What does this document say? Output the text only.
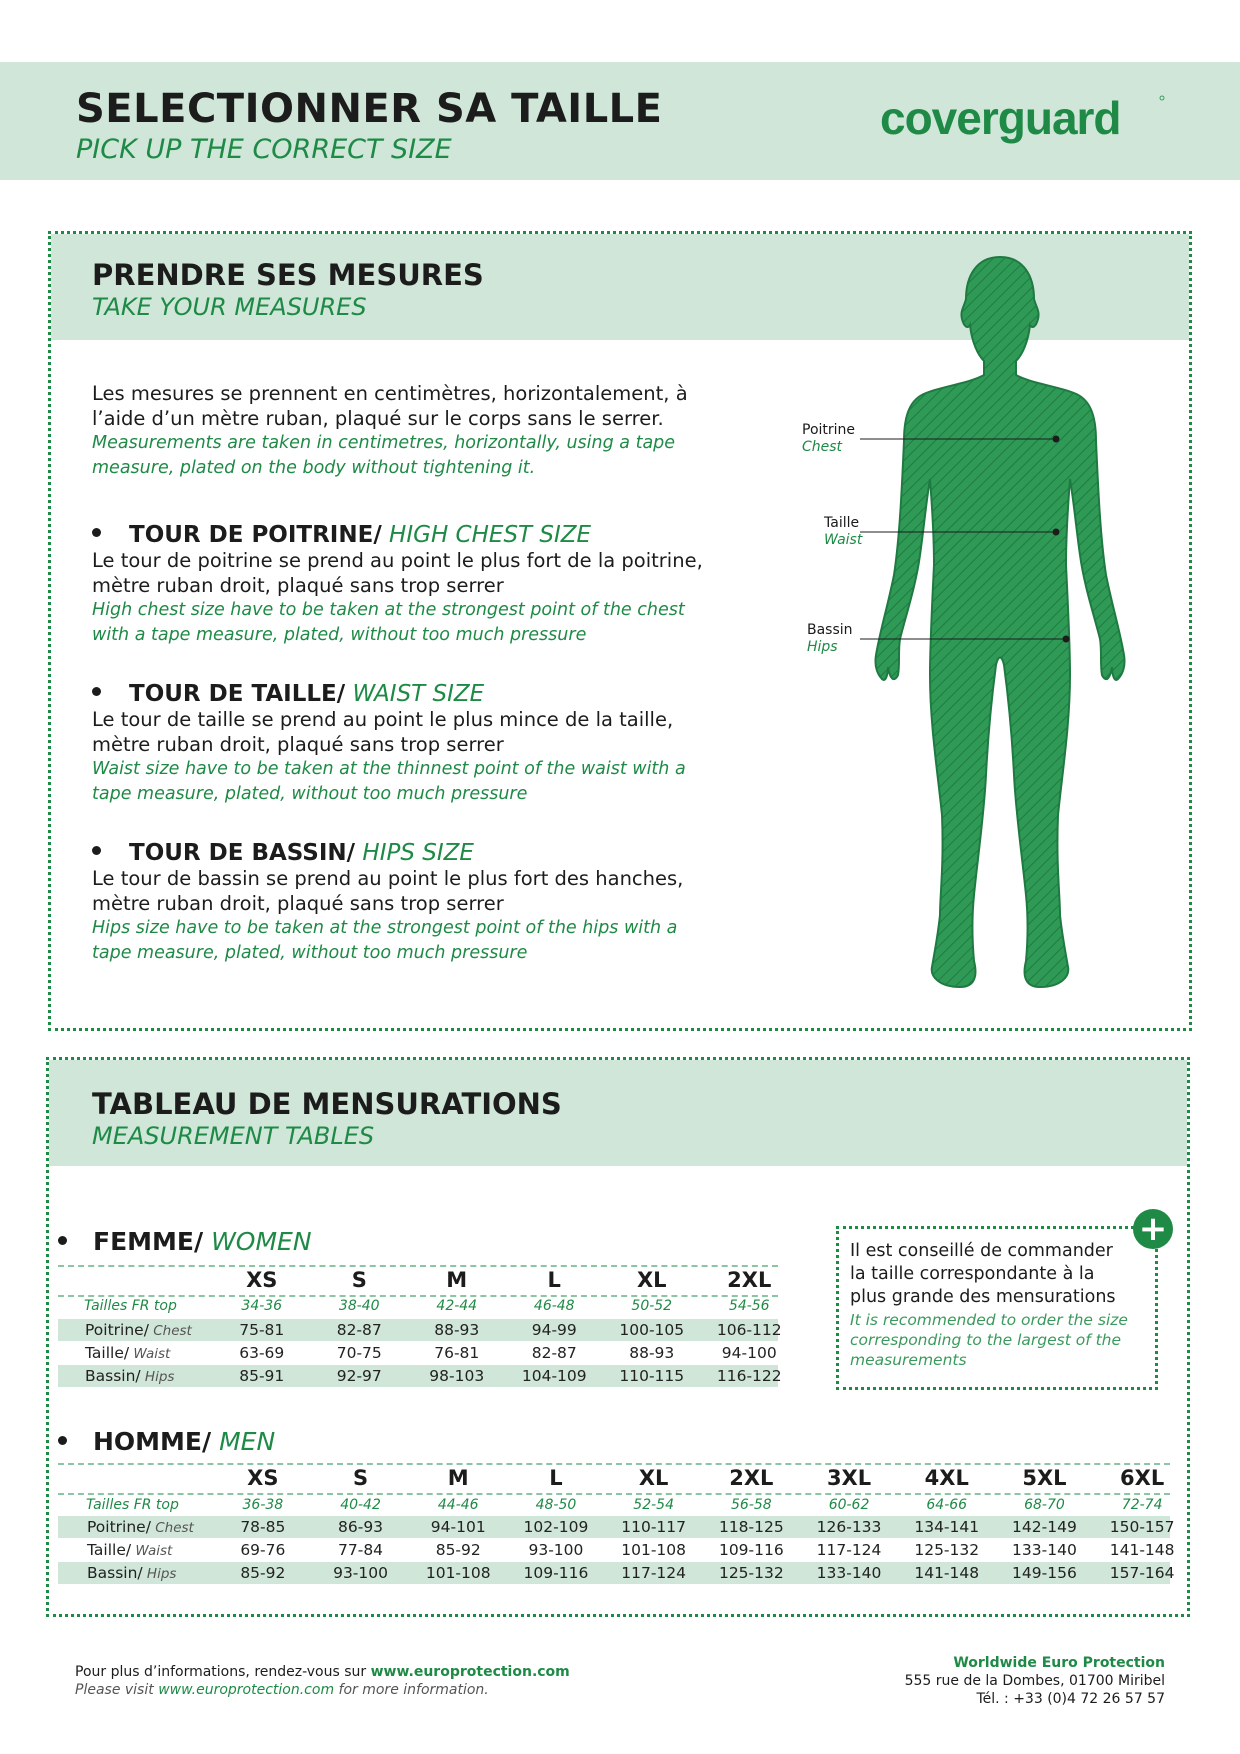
SELECTIONNER SA TAILLE
PICK UP THE CORRECT SIZE
coverguard
PRENDRE SES MESURES
TAKE YOUR MEASURES
Les mesures se prennent en centimètres, horizontalement, à
l’aide d’un mètre ruban, plaqué sur le corps sans le serrer.
Measurements are taken in centimetres, horizontally, using a tape
measure, plated on the body without tightening it.
TOUR DE POITRINE/ HIGH CHEST SIZE
Le tour de poitrine se prend au point le plus fort de la poitrine,
mètre ruban droit, plaqué sans trop serrer
High chest size have to be taken at the strongest point of the chest
with a tape measure, plated, without too much pressure
TOUR DE TAILLE/ WAIST SIZE
Le tour de taille se prend au point le plus mince de la taille,
mètre ruban droit, plaqué sans trop serrer
Waist size have to be taken at the thinnest point of the waist with a
tape measure, plated, without too much pressure
TOUR DE BASSIN/ HIPS SIZE
Le tour de bassin se prend au point le plus fort des hanches,
mètre ruban droit, plaqué sans trop serrer
Hips size have to be taken at the strongest point of the hips with a
tape measure, plated, without too much pressure
Poitrine
Chest
Taille
Waist
Bassin
Hips
TABLEAU DE MENSURATIONS
MEASUREMENT TABLES
FEMME/ WOMEN
XS	S	M	L	XL	2XL
Tailles FR top	34-36	38-40	42-44	46-48	50-52	54-56
Poitrine/ Chest	75-81	82-87	88-93	94-99	100-105	106-112
Taille/ Waist	63-69	70-75	76-81	82-87	88-93	94-100
Bassin/ Hips	85-91	92-97	98-103	104-109	110-115	116-122
Il est conseillé de commander
la taille correspondante à la
plus grande des mensurations
It is recommended to order the size
corresponding to the largest of the
measurements
+
HOMME/ MEN
XS	S	M	L	XL	2XL	3XL	4XL	5XL	6XL
Tailles FR top	36-38	40-42	44-46	48-50	52-54	56-58	60-62	64-66	68-70	72-74
Poitrine/ Chest	78-85	86-93	94-101	102-109	110-117	118-125	126-133	134-141	142-149	150-157
Taille/ Waist	69-76	77-84	85-92	93-100	101-108	109-116	117-124	125-132	133-140	141-148
Bassin/ Hips	85-92	93-100	101-108	109-116	117-124	125-132	133-140	141-148	149-156	157-164
Pour plus d’informations, rendez-vous sur www.europrotection.com
Please visit www.europrotection.com for more information.
Worldwide Euro Protection
555 rue de la Dombes, 01700 Miribel
Tél. : +33 (0)4 72 26 57 57
